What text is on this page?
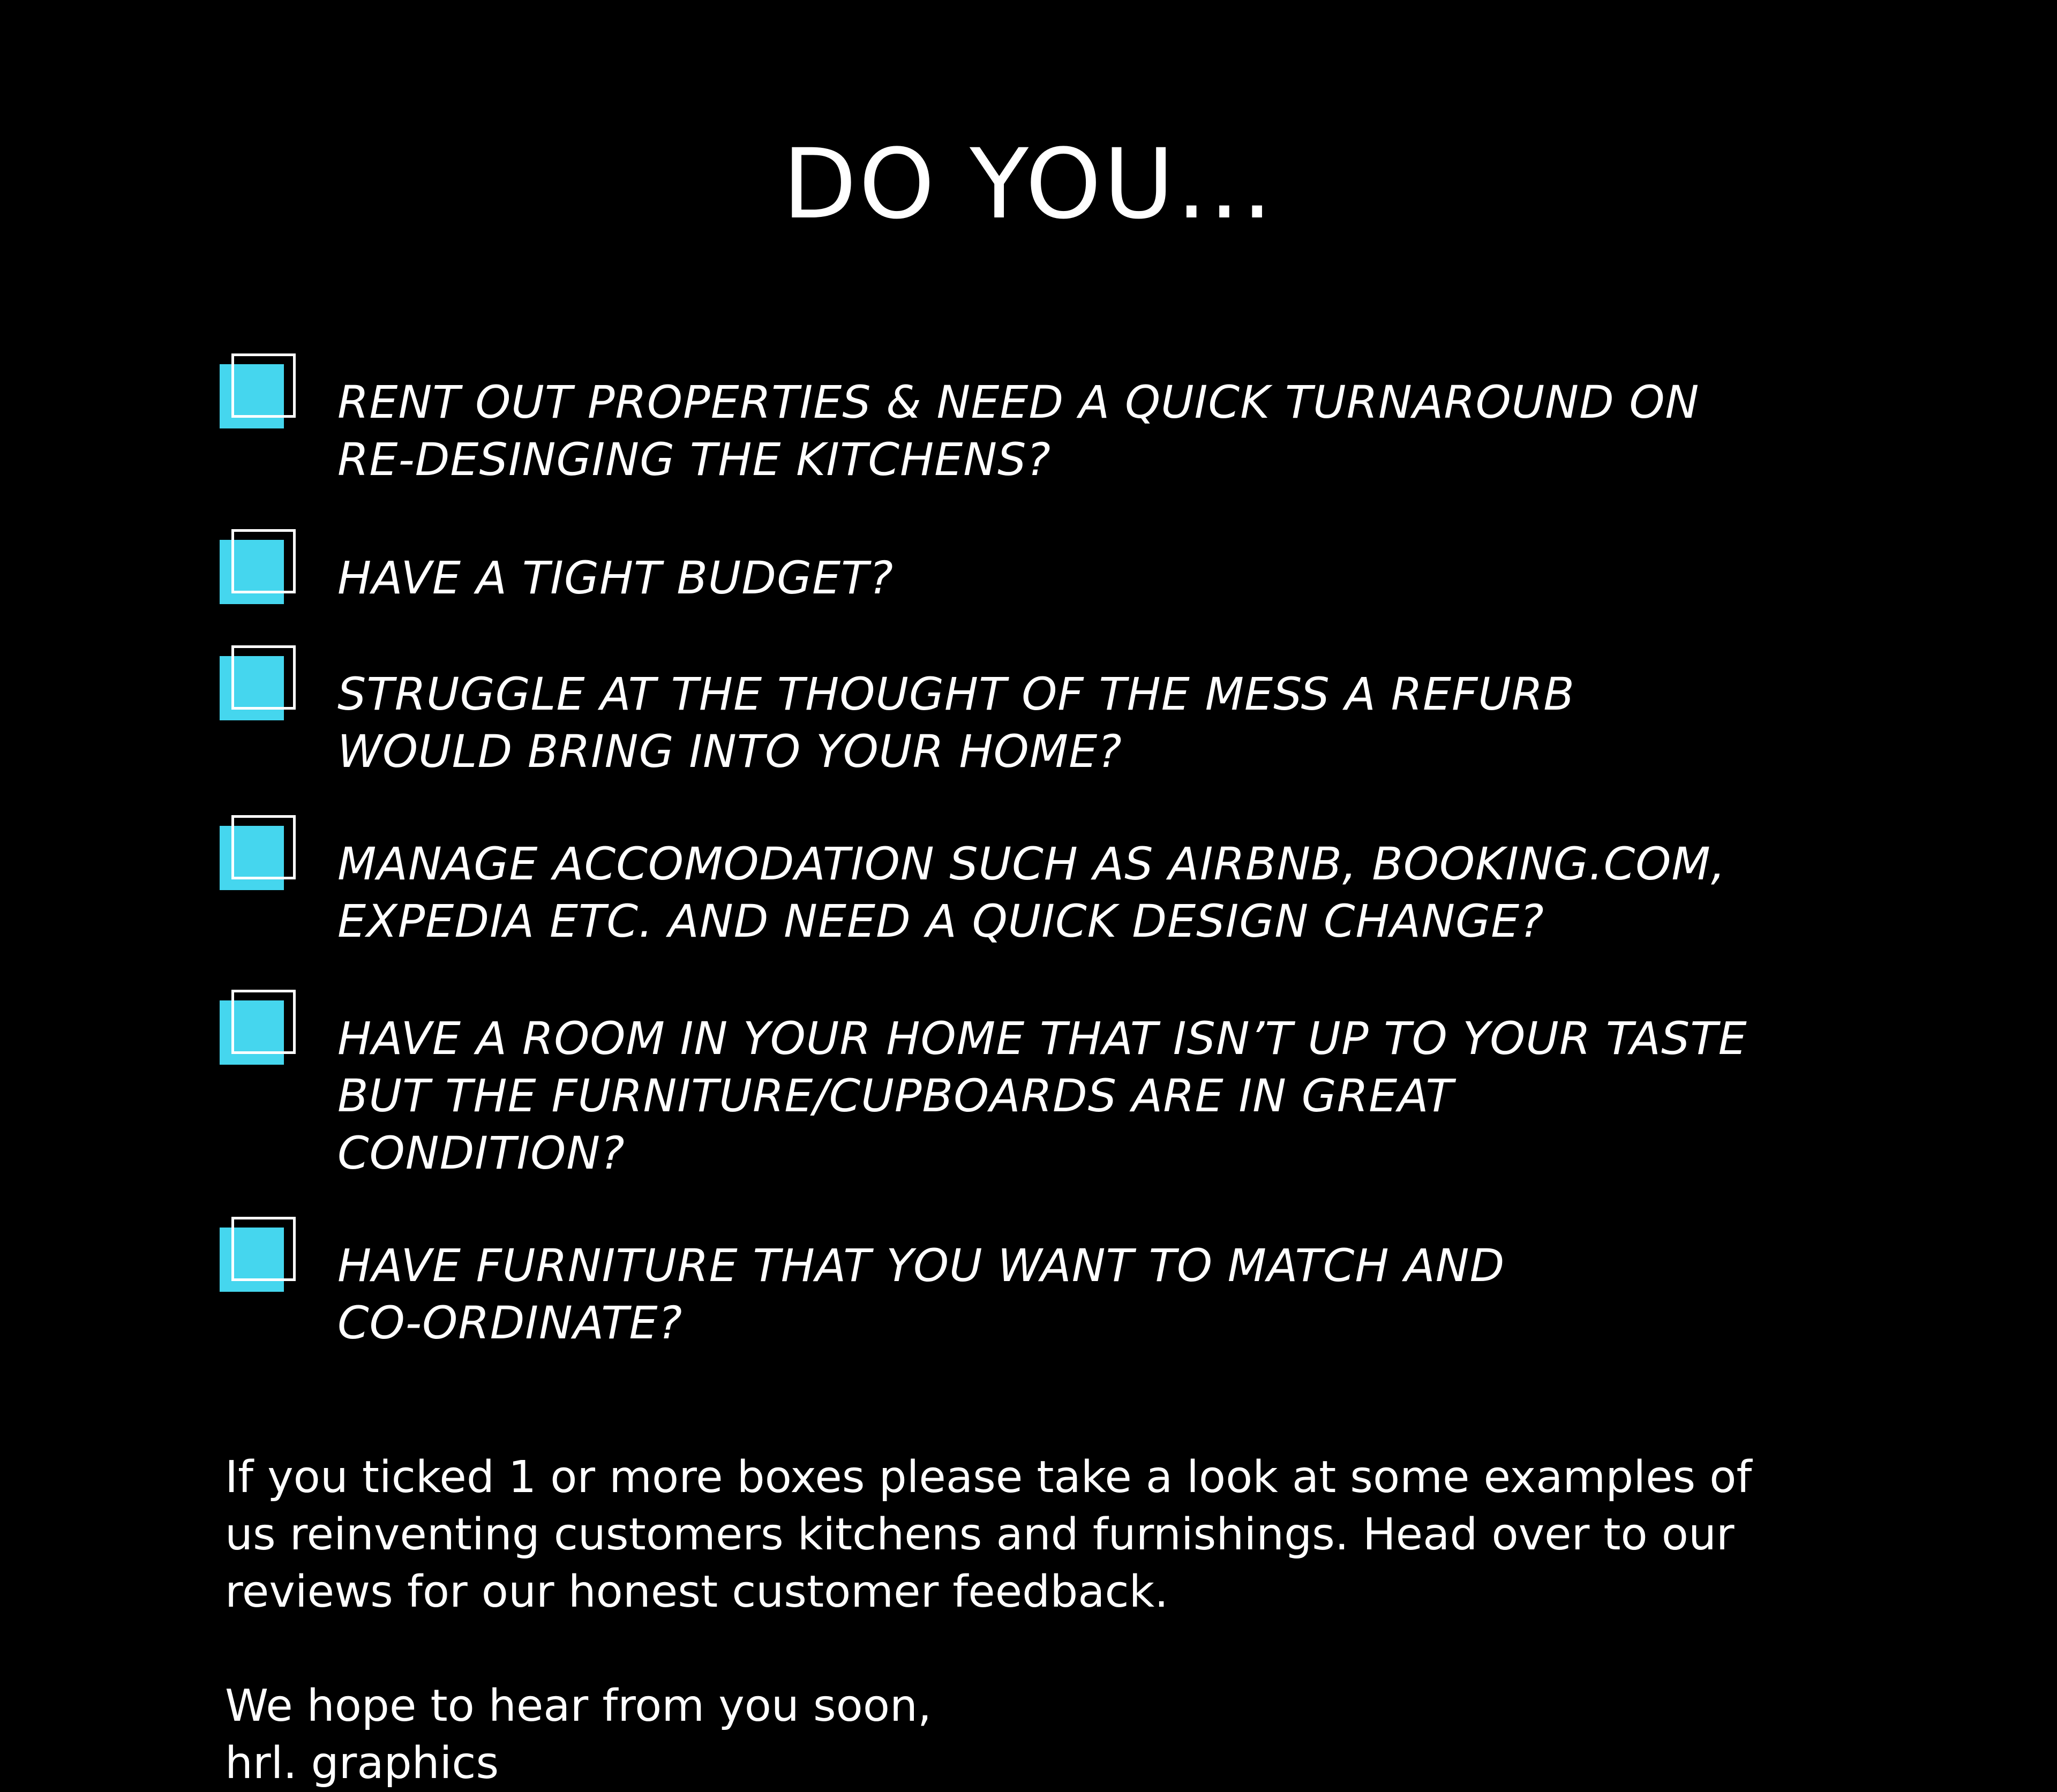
DO YOU...
RENT OUT PROPERTIES & NEED A QUICK TURNAROUND ON
RE-DESINGING THE KITCHENS?
HAVE A TIGHT BUDGET?
STRUGGLE AT THE THOUGHT OF THE MESS A REFURB
WOULD BRING INTO YOUR HOME?
MANAGE ACCOMODATION SUCH AS AIRBNB, BOOKING.COM,
EXPEDIA ETC. AND NEED A QUICK DESIGN CHANGE?
HAVE A ROOM IN YOUR HOME THAT ISN’T UP TO YOUR TASTE
BUT THE FURNITURE/CUPBOARDS ARE IN GREAT
CONDITION?
HAVE FURNITURE THAT YOU WANT TO MATCH AND
CO-ORDINATE?

If you ticked 1 or more boxes please take a look at some examples of
us reinventing customers kitchens and furnishings. Head over to our
reviews for our honest customer feedback.

We hope to hear from you soon,
hrl. graphics
